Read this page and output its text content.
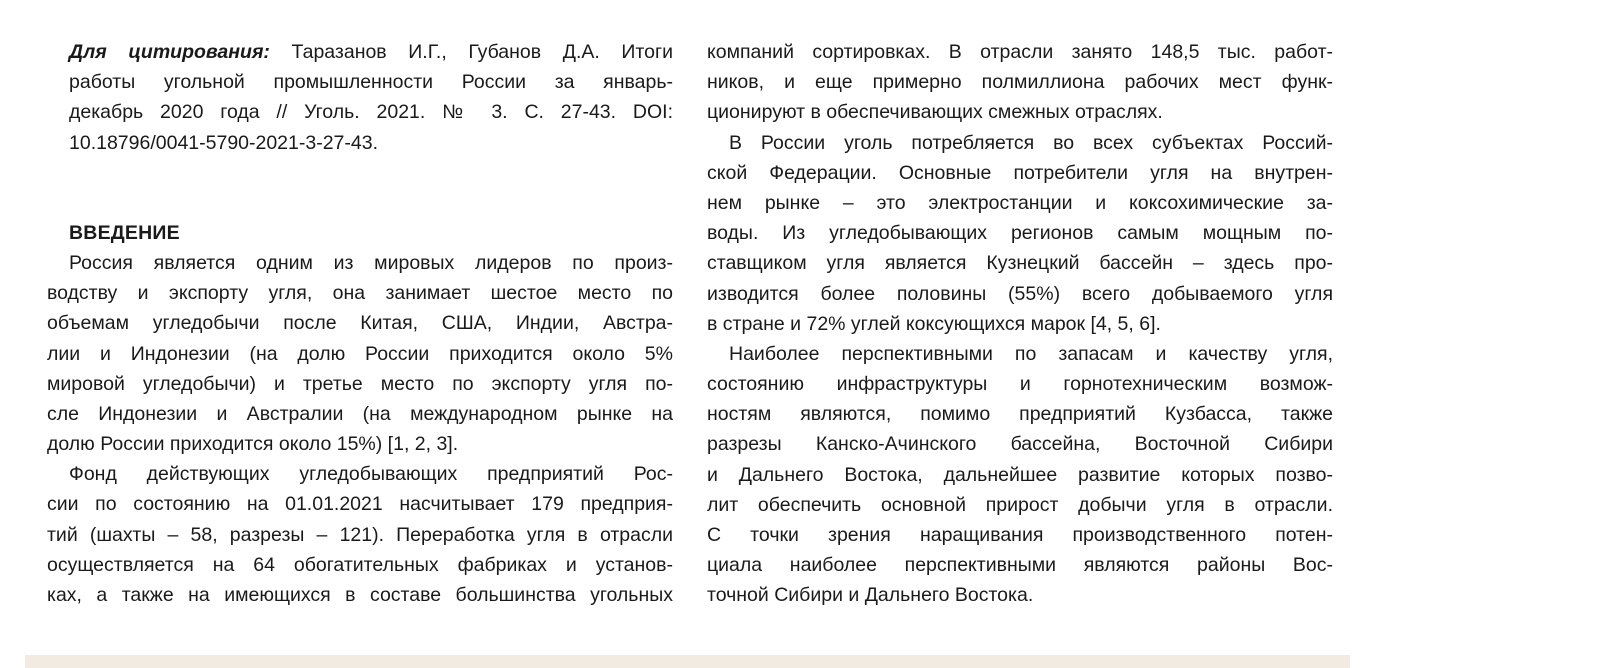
Для цитирования: Таразанов И.Г., Губанов Д.А. Итоги
работы угольной промышленности России за январь-
декабрь 2020 года // Уголь. 2021. № 3. С. 27-43. DOI:
10.18796/0041-5790-2021-3-27-43.
ВВЕДЕНИЕ
Россия является одним из мировых лидеров по произ-
водству и экспорту угля, она занимает шестое место по
объемам угледобычи после Китая, США, Индии, Австра-
лии и Индонезии (на долю России приходится около 5%
мировой угледобычи) и третье место по экспорту угля по-
сле Индонезии и Австралии (на международном рынке на
долю России приходится около 15%) [1, 2, 3].
Фонд действующих угледобывающих предприятий Рос-
сии по состоянию на 01.01.2021 насчитывает 179 предприя-
тий (шахты – 58, разрезы – 121). Переработка угля в отрасли
осуществляется на 64 обогатительных фабриках и установ-
ках, а также на имеющихся в составе большинства угольных
компаний сортировках. В отрасли занято 148,5 тыс. работ-
ников, и еще примерно полмиллиона рабочих мест функ-
ционируют в обеспечивающих смежных отраслях.
В России уголь потребляется во всех субъектах Россий-
ской Федерации. Основные потребители угля на внутрен-
нем рынке – это электростанции и коксохимические за-
воды. Из угледобывающих регионов самым мощным по-
ставщиком угля является Кузнецкий бассейн – здесь про-
изводится более половины (55%) всего добываемого угля
в стране и 72% углей коксующихся марок [4, 5, 6].
Наиболее перспективными по запасам и качеству угля,
состоянию инфраструктуры и горнотехническим возмож-
ностям являются, помимо предприятий Кузбасса, также
разрезы Канско-Ачинского бассейна, Восточной Сибири
и Дальнего Востока, дальнейшее развитие которых позво-
лит обеспечить основной прирост добычи угля в отрасли.
С точки зрения наращивания производственного потен-
циала наиболее перспективными являются районы Вос-
точной Сибири и Дальнего Востока.
